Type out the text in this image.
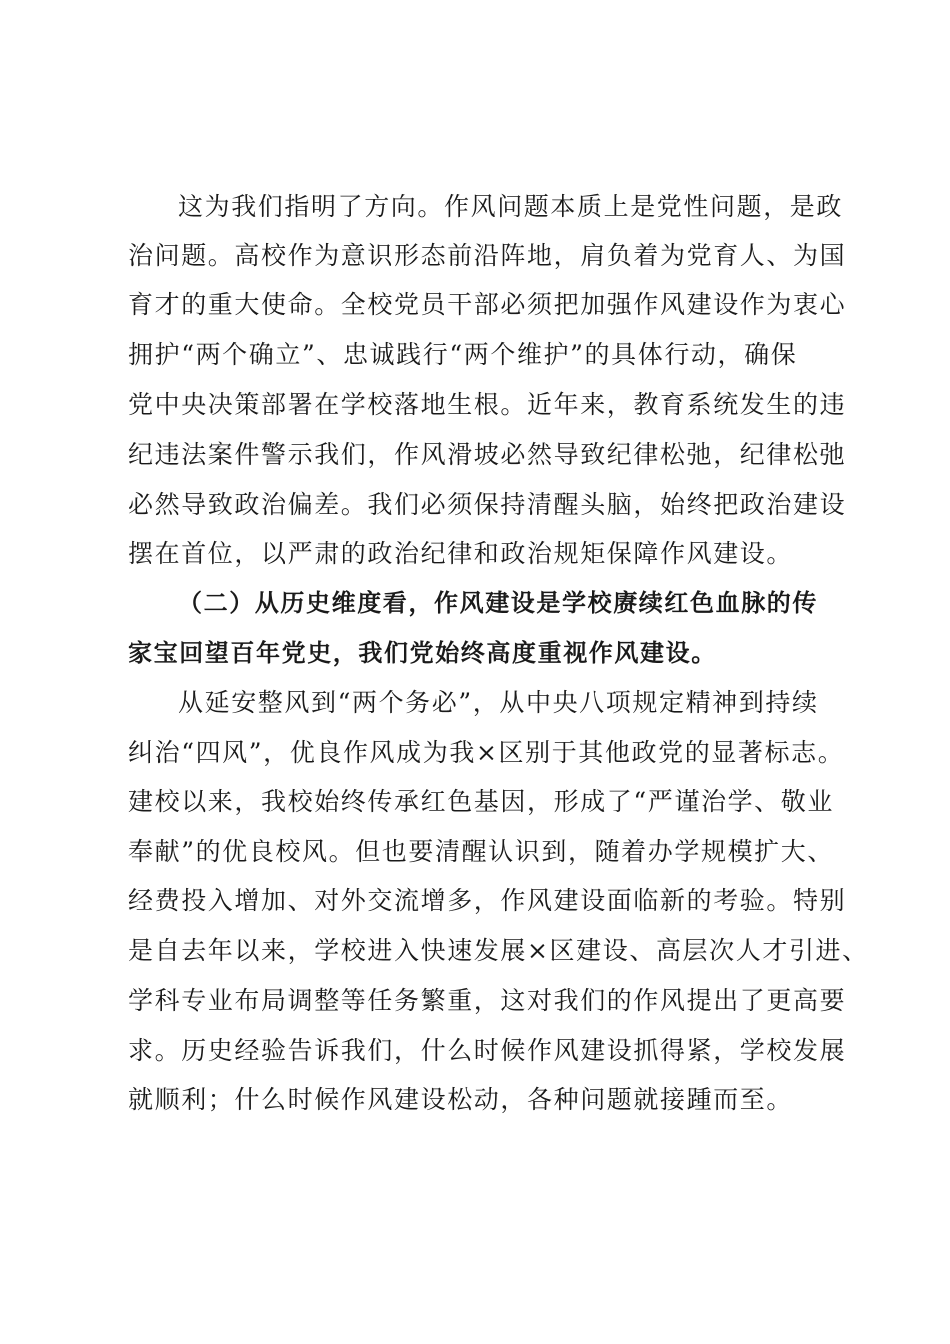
这为我们指明了方向。作风问题本质上是党性问题，是政
治问题。高校作为意识形态前沿阵地，肩负着为党育人、为国
育才的重大使命。全校党员干部必须把加强作风建设作为衷心
拥护“两个确立”、忠诚践行“两个维护”的具体行动，确保
党中央决策部署在学校落地生根。近年来，教育系统发生的违
纪违法案件警示我们，作风滑坡必然导致纪律松弛，纪律松弛
必然导致政治偏差。我们必须保持清醒头脑，始终把政治建设
摆在首位，以严肃的政治纪律和政治规矩保障作风建设。
（二）从历史维度看，作风建设是学校赓续红色血脉的传
家宝回望百年党史，我们党始终高度重视作风建设。
从延安整风到“两个务必”，从中央八项规定精神到持续
纠治“四风”，优良作风成为我×区别于其他政党的显著标志。
建校以来，我校始终传承红色基因，形成了“严谨治学、敬业
奉献”的优良校风。但也要清醒认识到，随着办学规模扩大、
经费投入增加、对外交流增多，作风建设面临新的考验。特别
是自去年以来，学校进入快速发展×区建设、高层次人才引进、
学科专业布局调整等任务繁重，这对我们的作风提出了更高要
求。历史经验告诉我们，什么时候作风建设抓得紧，学校发展
就顺利；什么时候作风建设松动，各种问题就接踵而至。
